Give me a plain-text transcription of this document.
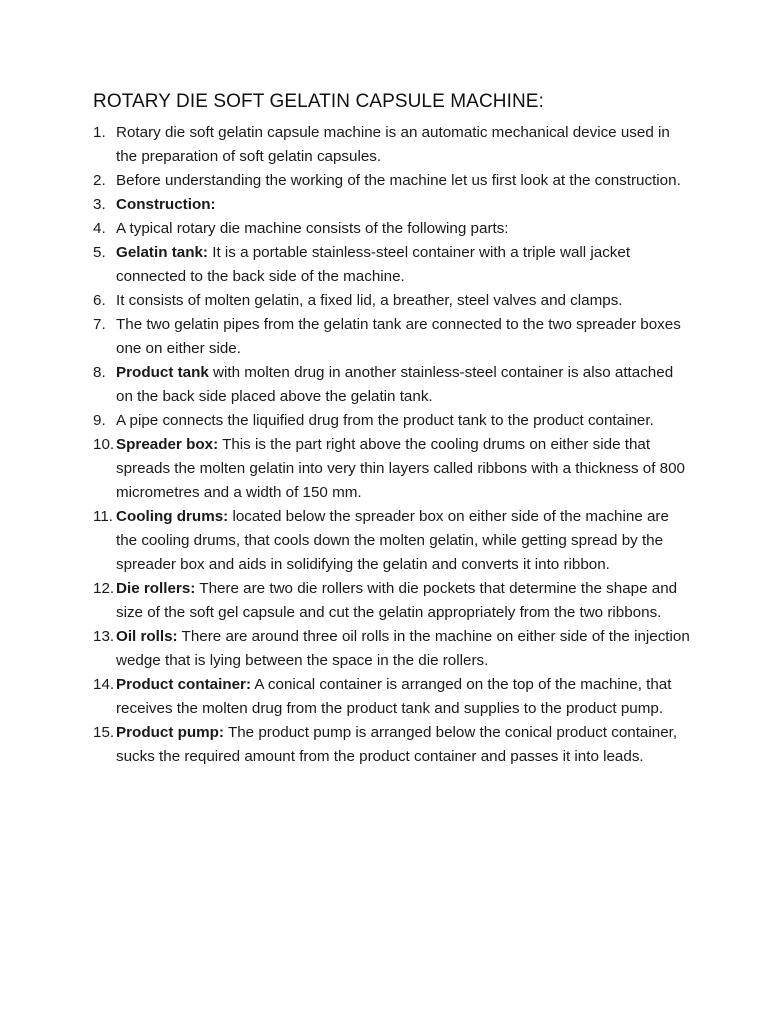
ROTARY DIE SOFT GELATIN CAPSULE MACHINE:
1. Rotary die soft gelatin capsule machine is an automatic mechanical device used in the preparation of soft gelatin capsules.
2. Before understanding the working of the machine let us first look at the construction.
3. Construction:
4. A typical rotary die machine consists of the following parts:
5. Gelatin tank: It is a portable stainless-steel container with a triple wall jacket connected to the back side of the machine.
6. It consists of molten gelatin, a fixed lid, a breather, steel valves and clamps.
7. The two gelatin pipes from the gelatin tank are connected to the two spreader boxes one on either side.
8. Product tank with molten drug in another stainless-steel container is also attached on the back side placed above the gelatin tank.
9. A pipe connects the liquified drug from the product tank to the product container.
10. Spreader box: This is the part right above the cooling drums on either side that spreads the molten gelatin into very thin layers called ribbons with a thickness of 800 micrometres and a width of 150 mm.
11. Cooling drums: located below the spreader box on either side of the machine are the cooling drums, that cools down the molten gelatin, while getting spread by the spreader box and aids in solidifying the gelatin and converts it into ribbon.
12. Die rollers: There are two die rollers with die pockets that determine the shape and size of the soft gel capsule and cut the gelatin appropriately from the two ribbons.
13. Oil rolls: There are around three oil rolls in the machine on either side of the injection wedge that is lying between the space in the die rollers.
14. Product container: A conical container is arranged on the top of the machine, that receives the molten drug from the product tank and supplies to the product pump.
15. Product pump: The product pump is arranged below the conical product container, sucks the required amount from the product container and passes it into leads.
